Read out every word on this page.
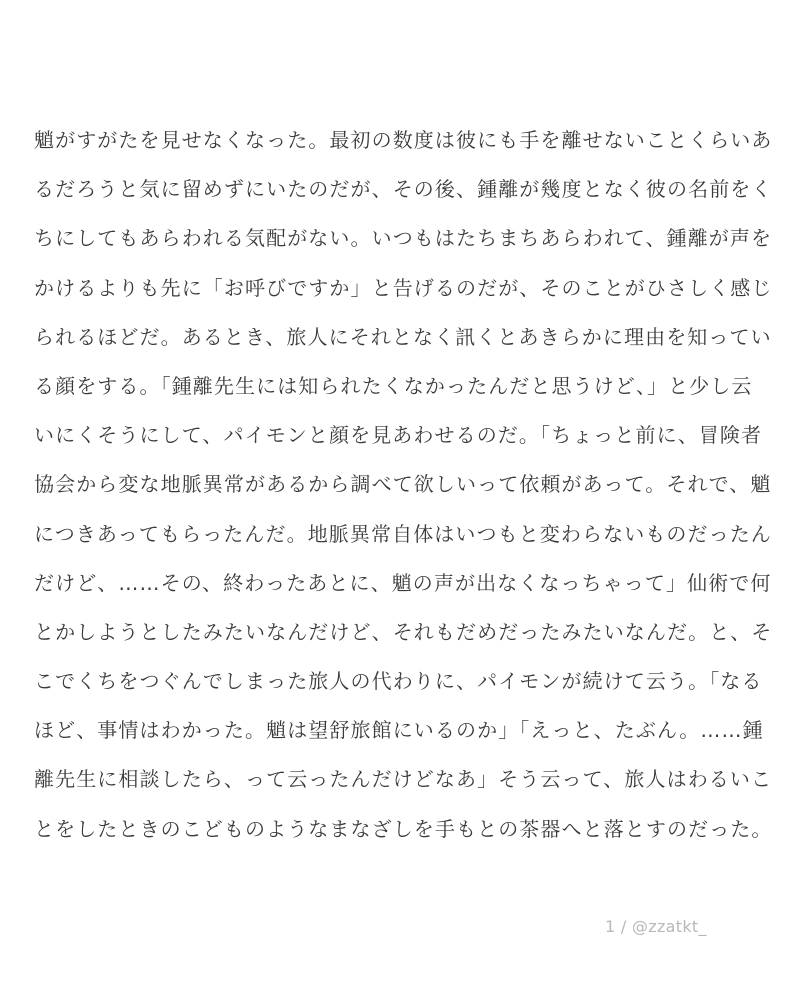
魈がすがたを見せなくなった。最初の数度は彼にも手を離せないことくらいあ
るだろうと気に留めずにいたのだが、その後、鍾離が幾度となく彼の名前をく
ちにしてもあらわれる気配がない。いつもはたちまちあらわれて、鍾離が声を
かけるよりも先に「お呼びですか」と告げるのだが、そのことがひさしく感じ
られるほどだ。あるとき、旅人にそれとなく訊くとあきらかに理由を知ってい
る顔をする。「鍾離先生には知られたくなかったんだと思うけど、」と少し云
いにくそうにして、パイモンと顔を見あわせるのだ。「ちょっと前に、冒険者
協会から変な地脈異常があるから調べて欲しいって依頼があって。それで、魈
につきあってもらったんだ。地脈異常自体はいつもと変わらないものだったん
だけど、……その、終わったあとに、魈の声が出なくなっちゃって」仙術で何
とかしようとしたみたいなんだけど、それもだめだったみたいなんだ。と、そ
こでくちをつぐんでしまった旅人の代わりに、パイモンが続けて云う。「なる
ほど、事情はわかった。魈は望舒旅館にいるのか」「えっと、たぶん。……鍾
離先生に相談したら、って云ったんだけどなあ」そう云って、旅人はわるいこ
とをしたときのこどものようなまなざしを手もとの茶器へと落とすのだった。
1 / @zzatkt_
